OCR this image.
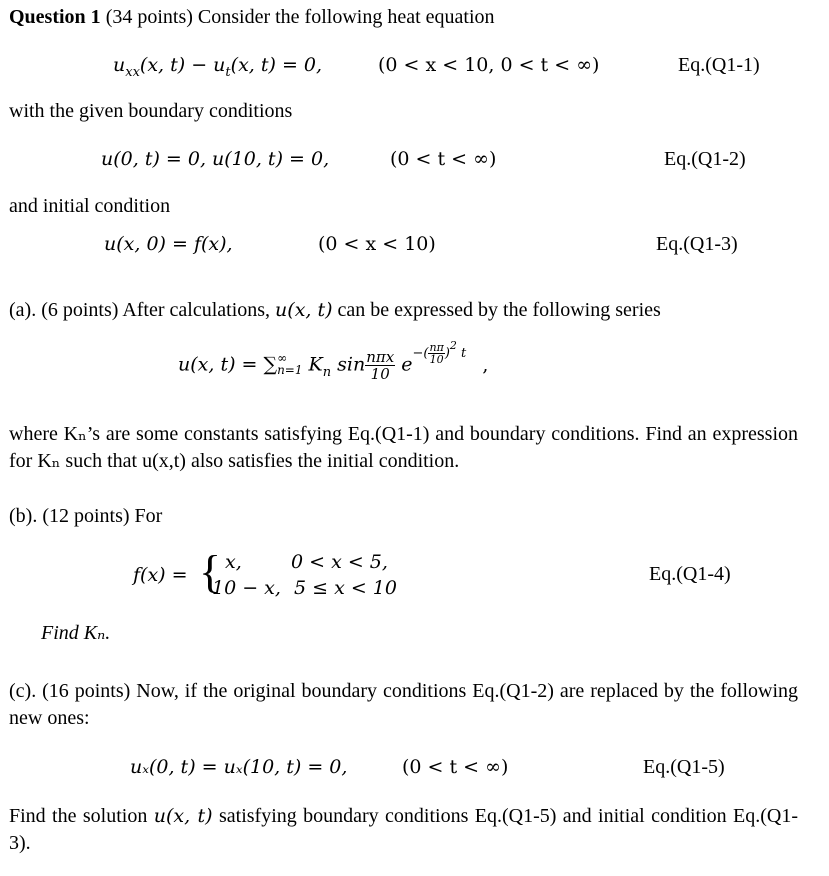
Question 1 (34 points) Consider the following heat equation
$u_{xx}(x$, $t) - u_t(x$, t) = 0,	(0 < x < 10, 0 < t < ∞)	Eq.(Q1-1)
with the given boundary conditions
u(0, t) = 0, u(10, t) = 0,	(0 < t < ∞)	Eq.(Q1-2)
and initial condition
u(x, 0) = f(x),	(0 < x < 10)	Eq.(Q1-3)
(a). (6 points) After calculations, u(x, t) can be expressed by the following series
u(x, t) = ∑ ∞
n=1 $K_n$ $\sin \frac{\text{nπx}}{10} e^{-( \frac{n\pi}{10} )^2 t}$ ,
where Kₙ’s are some constants satisfying Eq.(Q1-1) and boundary conditions. Find an expression for Kₙ such that u(x,t) also satisfies the initial condition.
(b). (12 points) For
f(x) = { x,	0 < x < 5,
10 − x, 5 ≤ x < 10
Eq.(Q1-4)
Find Kₙ.
(c). (16 points) Now, if the original boundary conditions Eq.(Q1-2) are replaced by the following new ones:
uₓ(0, t) = uₓ(10, t) = 0,	(0 < t < ∞)	Eq.(Q1-5)
Find the solution u(x, t) satisfying boundary conditions Eq.(Q1-5) and initial condition Eq.(Q1-3).
